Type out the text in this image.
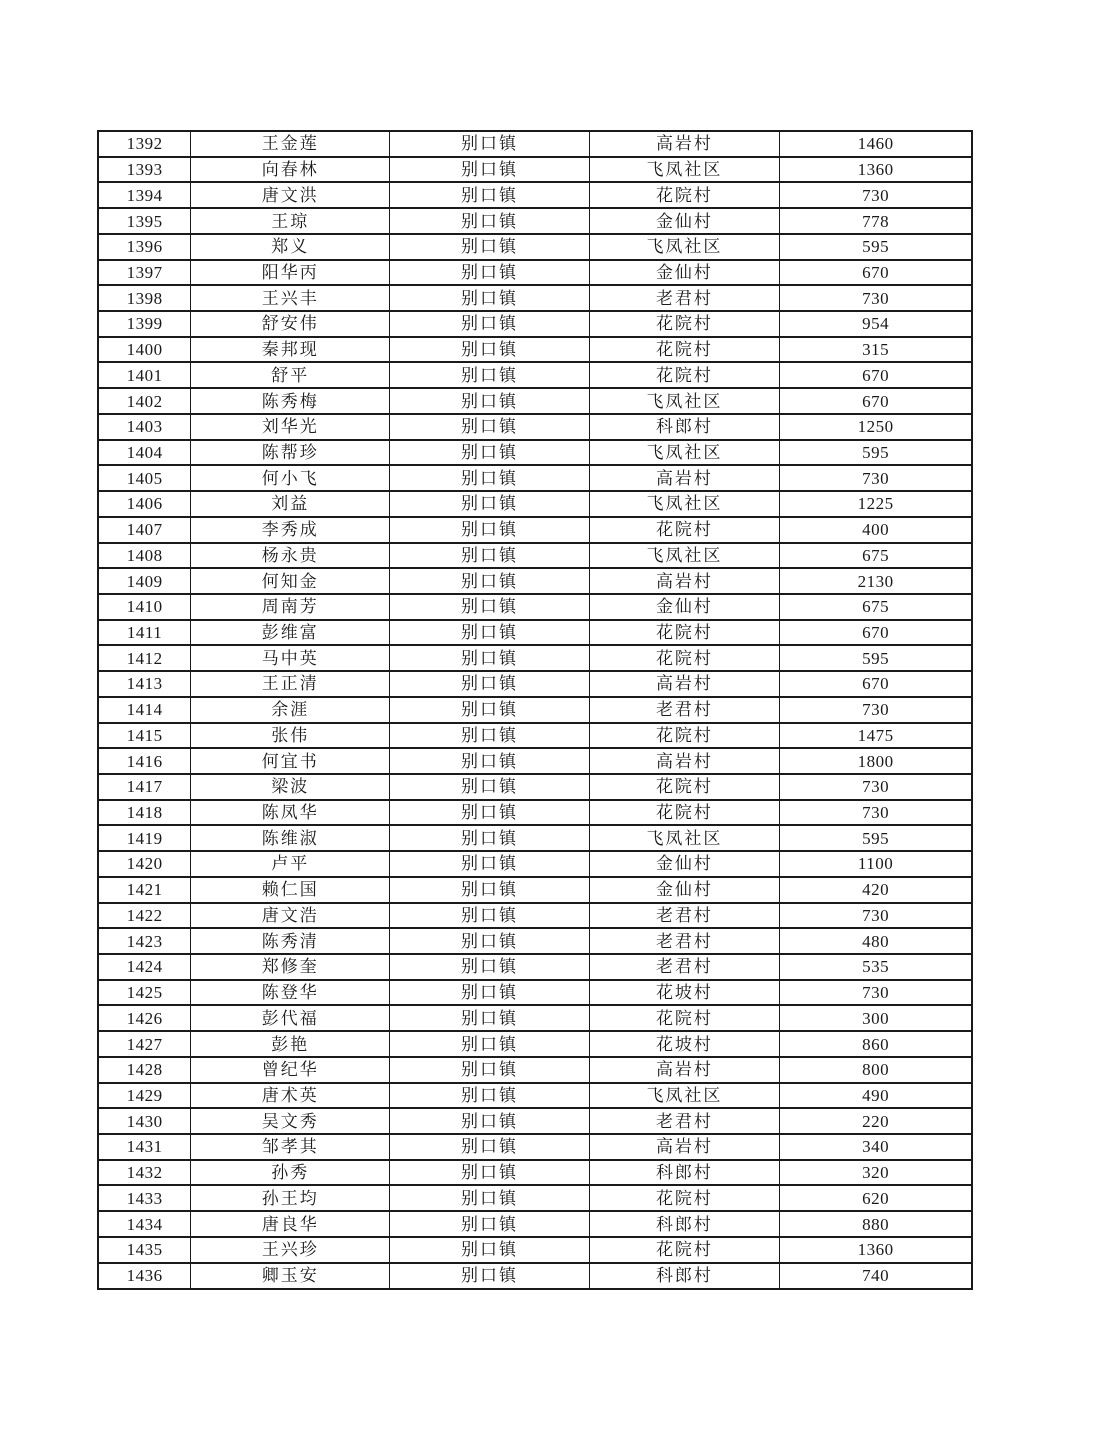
1392	王金莲	别口镇	高岩村	1460
1393	向春林	别口镇	飞凤社区	1360
1394	唐文洪	别口镇	花院村	730
1395	王琼	别口镇	金仙村	778
1396	郑义	别口镇	飞凤社区	595
1397	阳华丙	别口镇	金仙村	670
1398	王兴丰	别口镇	老君村	730
1399	舒安伟	别口镇	花院村	954
1400	秦邦现	别口镇	花院村	315
1401	舒平	别口镇	花院村	670
1402	陈秀梅	别口镇	飞凤社区	670
1403	刘华光	别口镇	科郎村	1250
1404	陈帮珍	别口镇	飞凤社区	595
1405	何小飞	别口镇	高岩村	730
1406	刘益	别口镇	飞凤社区	1225
1407	李秀成	别口镇	花院村	400
1408	杨永贵	别口镇	飞凤社区	675
1409	何知金	别口镇	高岩村	2130
1410	周南芳	别口镇	金仙村	675
1411	彭维富	别口镇	花院村	670
1412	马中英	别口镇	花院村	595
1413	王正清	别口镇	高岩村	670
1414	余涯	别口镇	老君村	730
1415	张伟	别口镇	花院村	1475
1416	何宜书	别口镇	高岩村	1800
1417	梁波	别口镇	花院村	730
1418	陈凤华	别口镇	花院村	730
1419	陈维淑	别口镇	飞凤社区	595
1420	卢平	别口镇	金仙村	1100
1421	赖仁国	别口镇	金仙村	420
1422	唐文浩	别口镇	老君村	730
1423	陈秀清	别口镇	老君村	480
1424	郑修奎	别口镇	老君村	535
1425	陈登华	别口镇	花坡村	730
1426	彭代福	别口镇	花院村	300
1427	彭艳	别口镇	花坡村	860
1428	曾纪华	别口镇	高岩村	800
1429	唐术英	别口镇	飞凤社区	490
1430	吴文秀	别口镇	老君村	220
1431	邹孝其	别口镇	高岩村	340
1432	孙秀	别口镇	科郎村	320
1433	孙王均	别口镇	花院村	620
1434	唐良华	别口镇	科郎村	880
1435	王兴珍	别口镇	花院村	1360
1436	卿玉安	别口镇	科郎村	740
